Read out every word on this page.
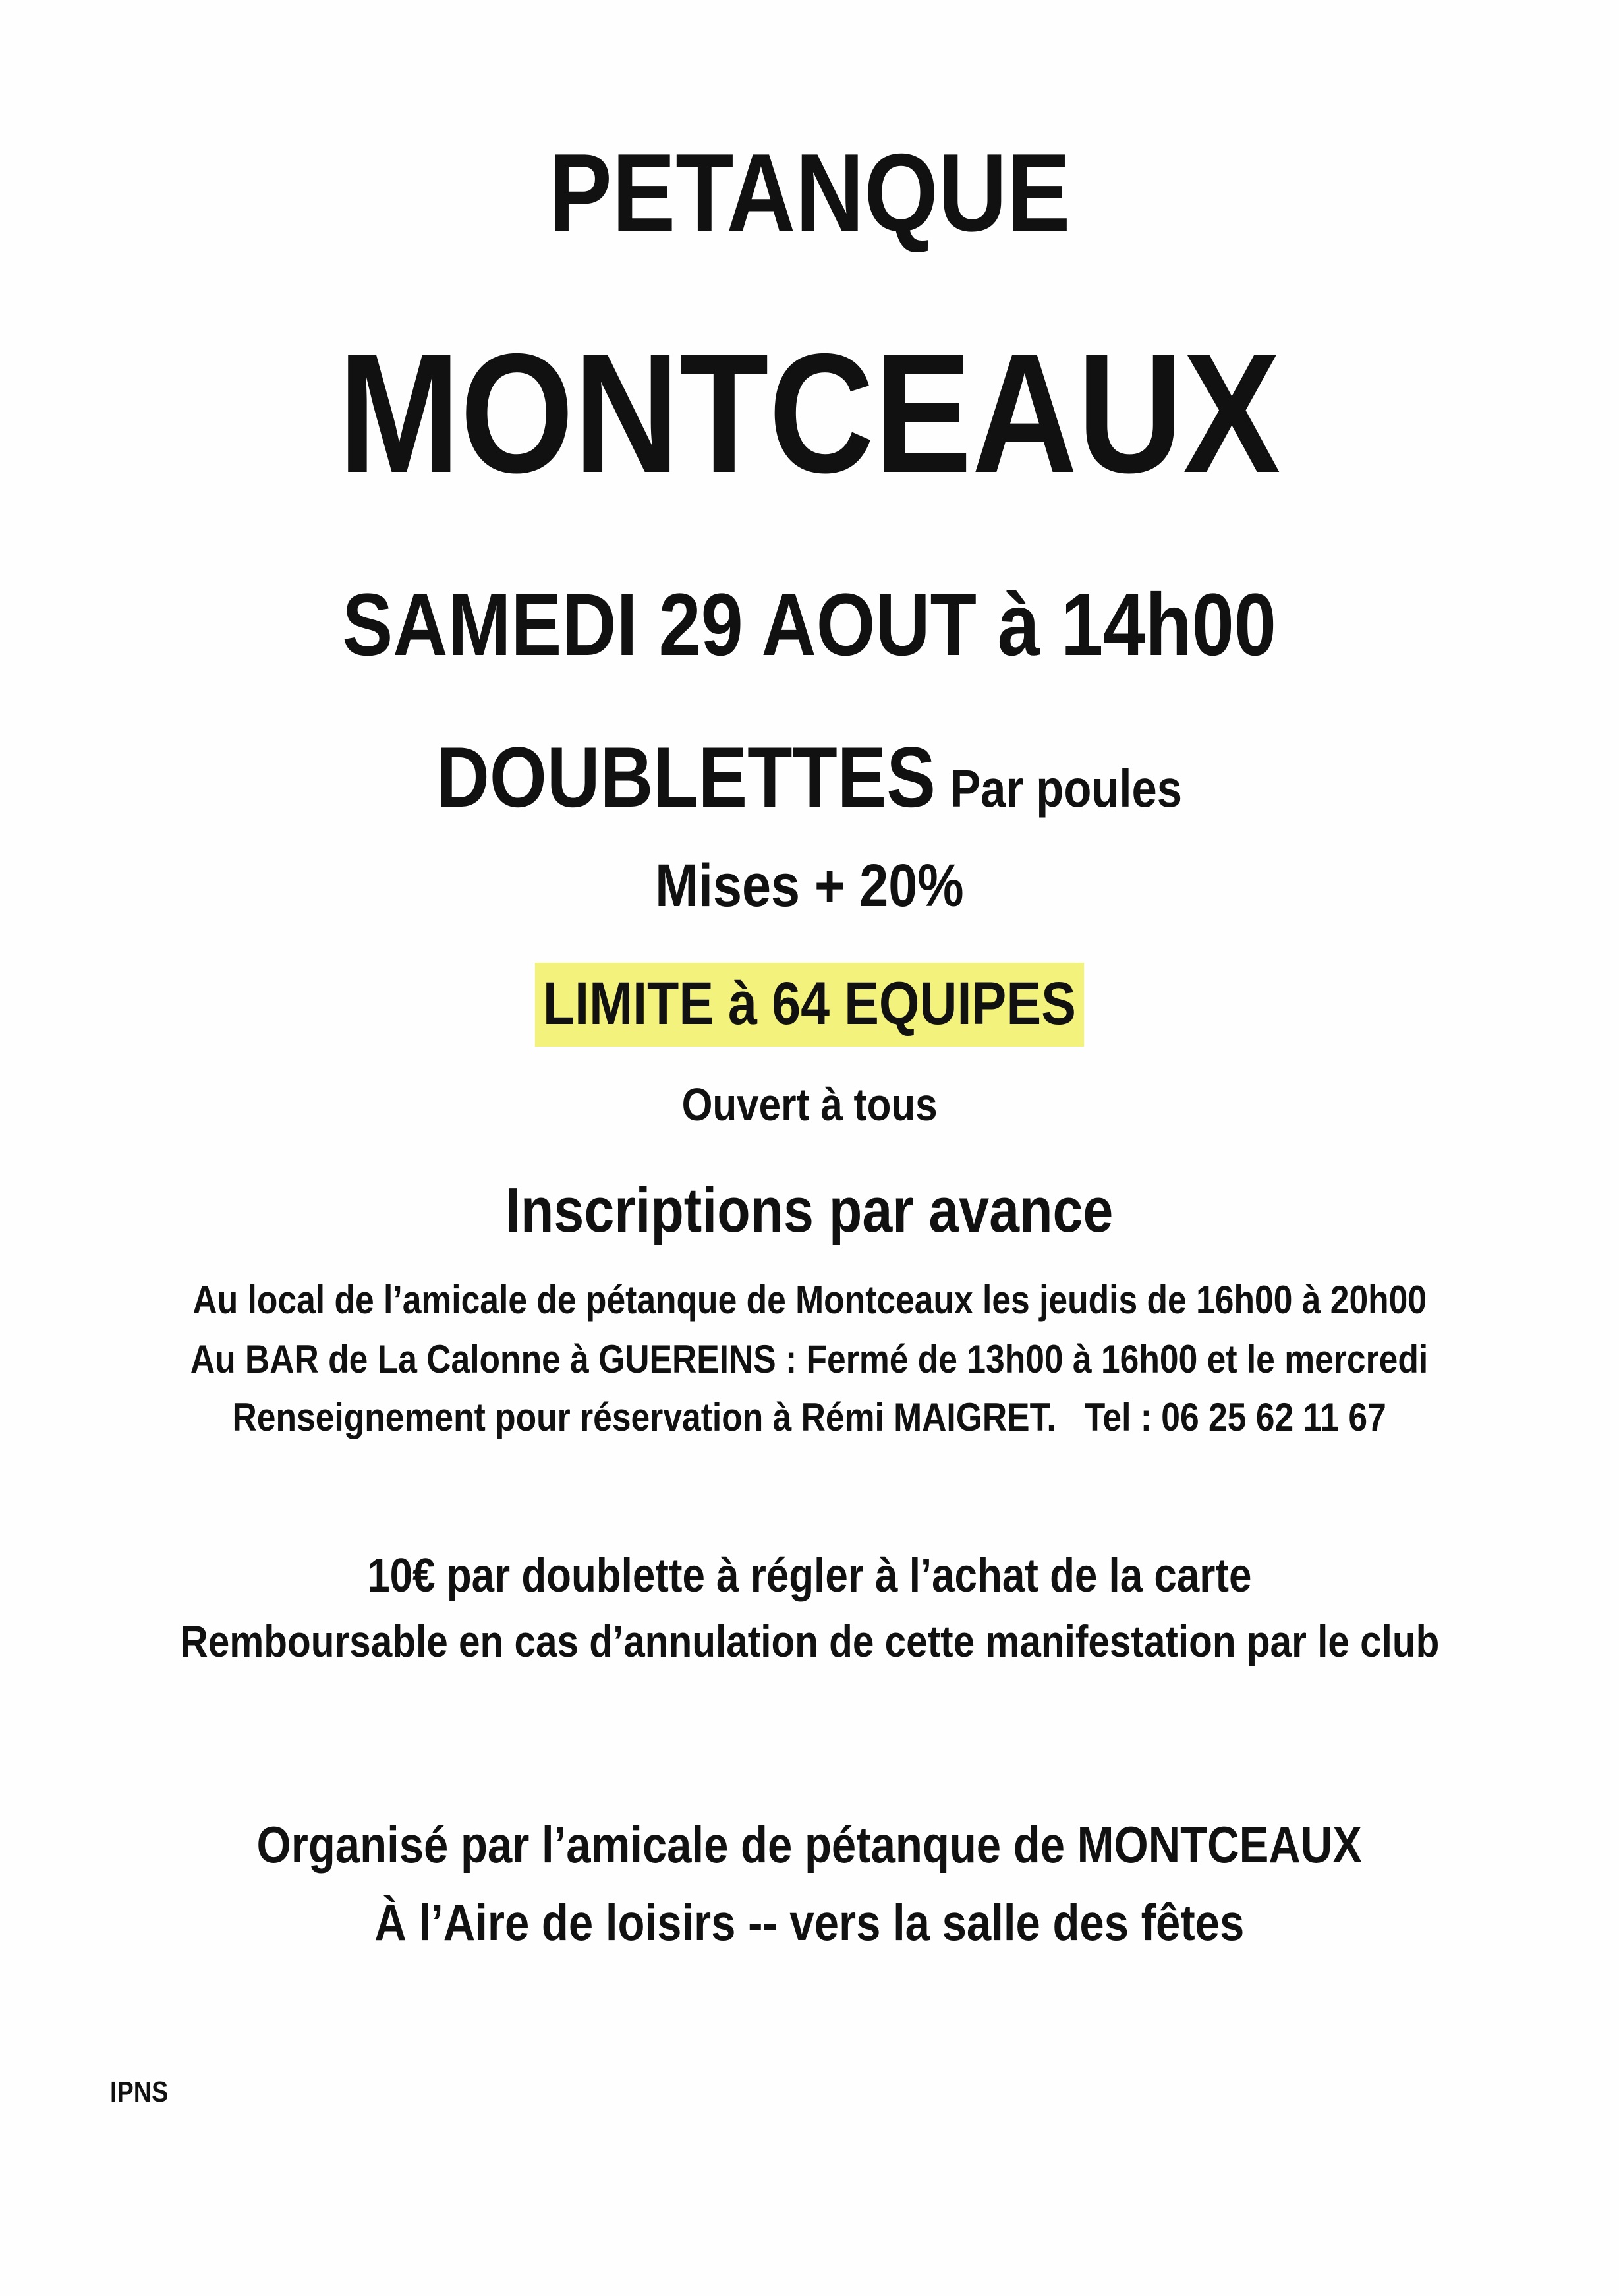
PETANQUE
MONTCEAUX
SAMEDI 29 AOUT à 14h00
DOUBLETTES Par poules
Mises + 20%
LIMITE à 64 EQUIPES
Ouvert à tous
Inscriptions par avance
Au local de l’amicale de pétanque de Montceaux les jeudis de 16h00 à 20h00
Au BAR de La Calonne à GUEREINS : Fermé de 13h00 à 16h00 et le mercredi
Renseignement pour réservation à Rémi MAIGRET. Tel : 06 25 62 11 67
10€ par doublette à régler à l’achat de la carte
Remboursable en cas d’annulation de cette manifestation par le club
Organisé par l’amicale de pétanque de MONTCEAUX
À l’Aire de loisirs -- vers la salle des fêtes
IPNS
